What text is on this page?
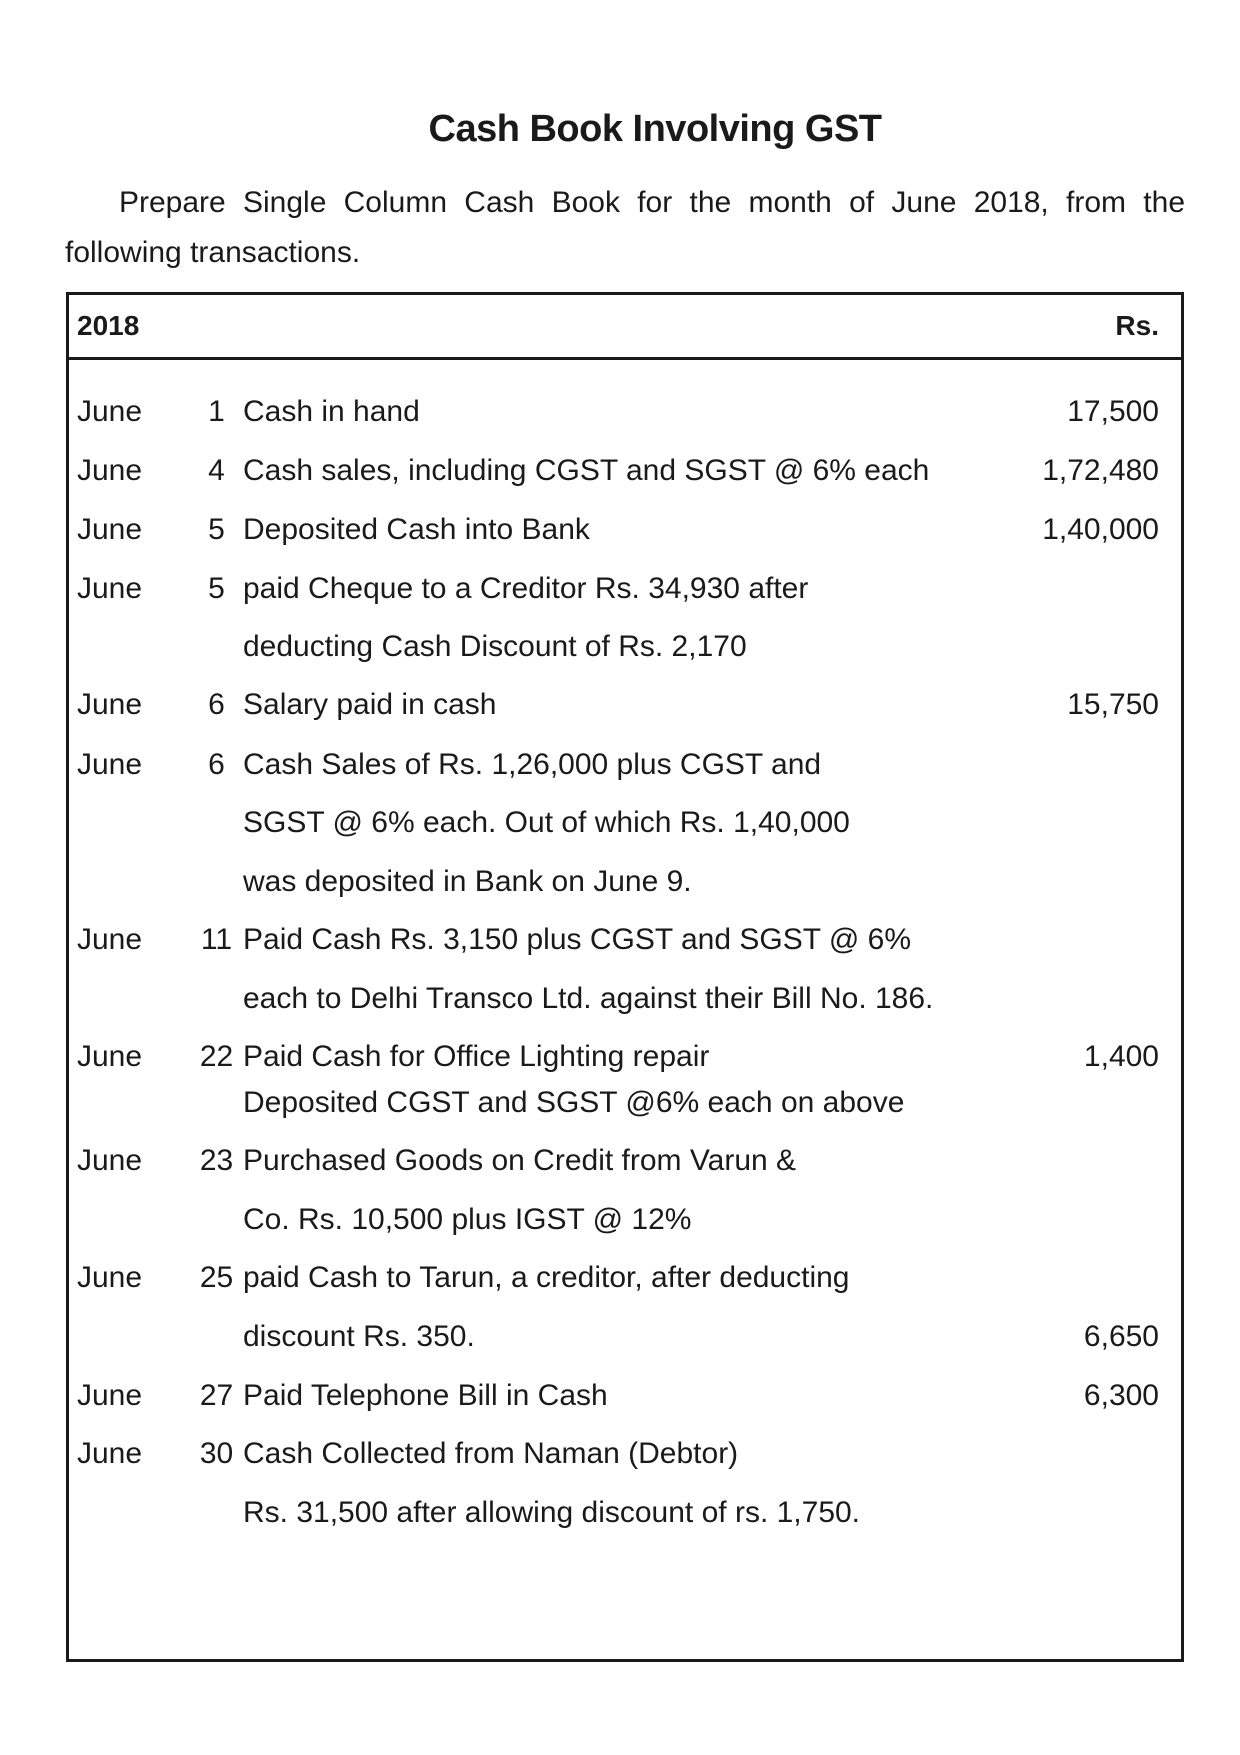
Cash Book Involving GST
Prepare Single Column Cash Book for the month of June 2018, from the following transactions.
2018	Rs.
June	1 Cash in hand	17,500
June	4 Cash sales, including CGST and SGST @ 6% each	1,72,480
June	5 Deposited Cash into Bank	1,40,000
June	5 paid Cheque to a Creditor Rs. 34,930 after
deducting Cash Discount of Rs. 2,170
June	6 Salary paid in cash	15,750
June	6 Cash Sales of Rs. 1,26,000 plus CGST and
SGST @ 6% each. Out of which Rs. 1,40,000
was deposited in Bank on June 9.
June	11 Paid Cash Rs. 3,150 plus CGST and SGST @ 6%
each to Delhi Transco Ltd. against their Bill No. 186.
June	22 Paid Cash for Office Lighting repair	1,400
Deposited CGST and SGST @6% each on above
June	23 Purchased Goods on Credit from Varun &
Co. Rs. 10,500 plus IGST @ 12%
June	25 paid Cash to Tarun, a creditor, after deducting
discount Rs. 350.	6,650
June	27 Paid Telephone Bill in Cash	6,300
June	30 Cash Collected from Naman (Debtor)
Rs. 31,500 after allowing discount of rs. 1,750.
